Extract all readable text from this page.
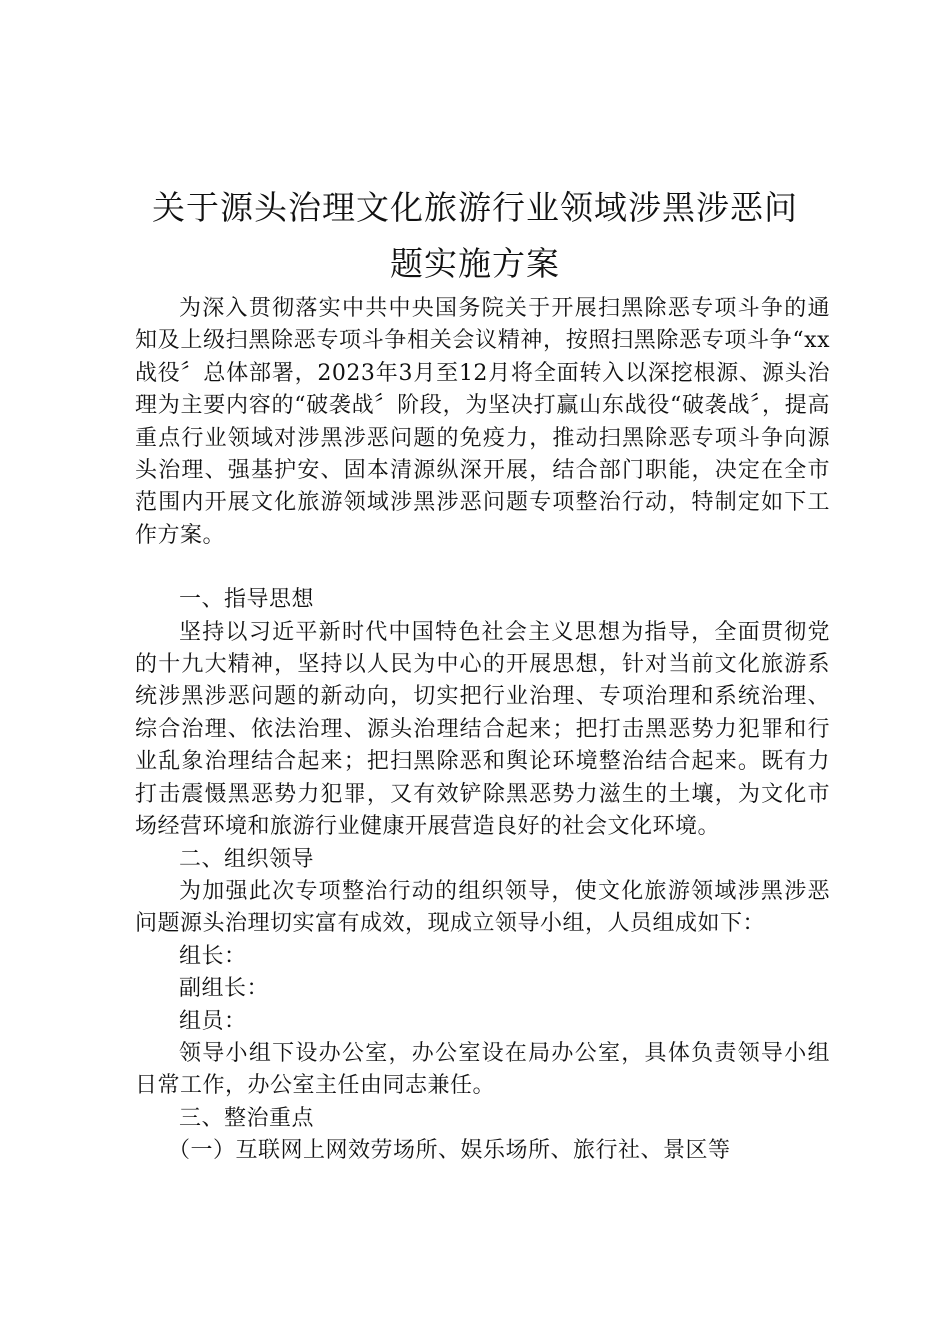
关于源头治理文化旅游行业领域涉黑涉恶问
题实施方案

为深入贯彻落实中共中央国务院关于开展扫黑除恶专项斗争的通知及上级扫黑除恶专项斗争相关会议精神，按照扫黑除恶专项斗争“xx战役〞总体部署，2023年3月至12月将全面转入以深挖根源、源头治理为主要内容的“破袭战〞阶段，为坚决打赢山东战役“破袭战〞，提高重点行业领域对涉黑涉恶问题的免疫力，推动扫黑除恶专项斗争向源头治理、强基护安、固本清源纵深开展，结合部门职能，决定在全市范围内开展文化旅游领域涉黑涉恶问题专项整治行动，特制定如下工作方案。

一、指导思想

坚持以习近平新时代中国特色社会主义思想为指导，全面贯彻党的十九大精神，坚持以人民为中心的开展思想，针对当前文化旅游系统涉黑涉恶问题的新动向，切实把行业治理、专项治理和系统治理、综合治理、依法治理、源头治理结合起来；把打击黑恶势力犯罪和行业乱象治理结合起来；把扫黑除恶和舆论环境整治结合起来。既有力打击震慑黑恶势力犯罪，又有效铲除黑恶势力滋生的土壤，为文化市场经营环境和旅游行业健康开展营造良好的社会文化环境。

二、组织领导

为加强此次专项整治行动的组织领导，使文化旅游领域涉黑涉恶问题源头治理切实富有成效，现成立领导小组，人员组成如下：

组长：

副组长：

组员：

领导小组下设办公室，办公室设在局办公室，具体负责领导小组日常工作，办公室主任由同志兼任。

三、整治重点

（一）互联网上网效劳场所、娱乐场所、旅行社、景区等
